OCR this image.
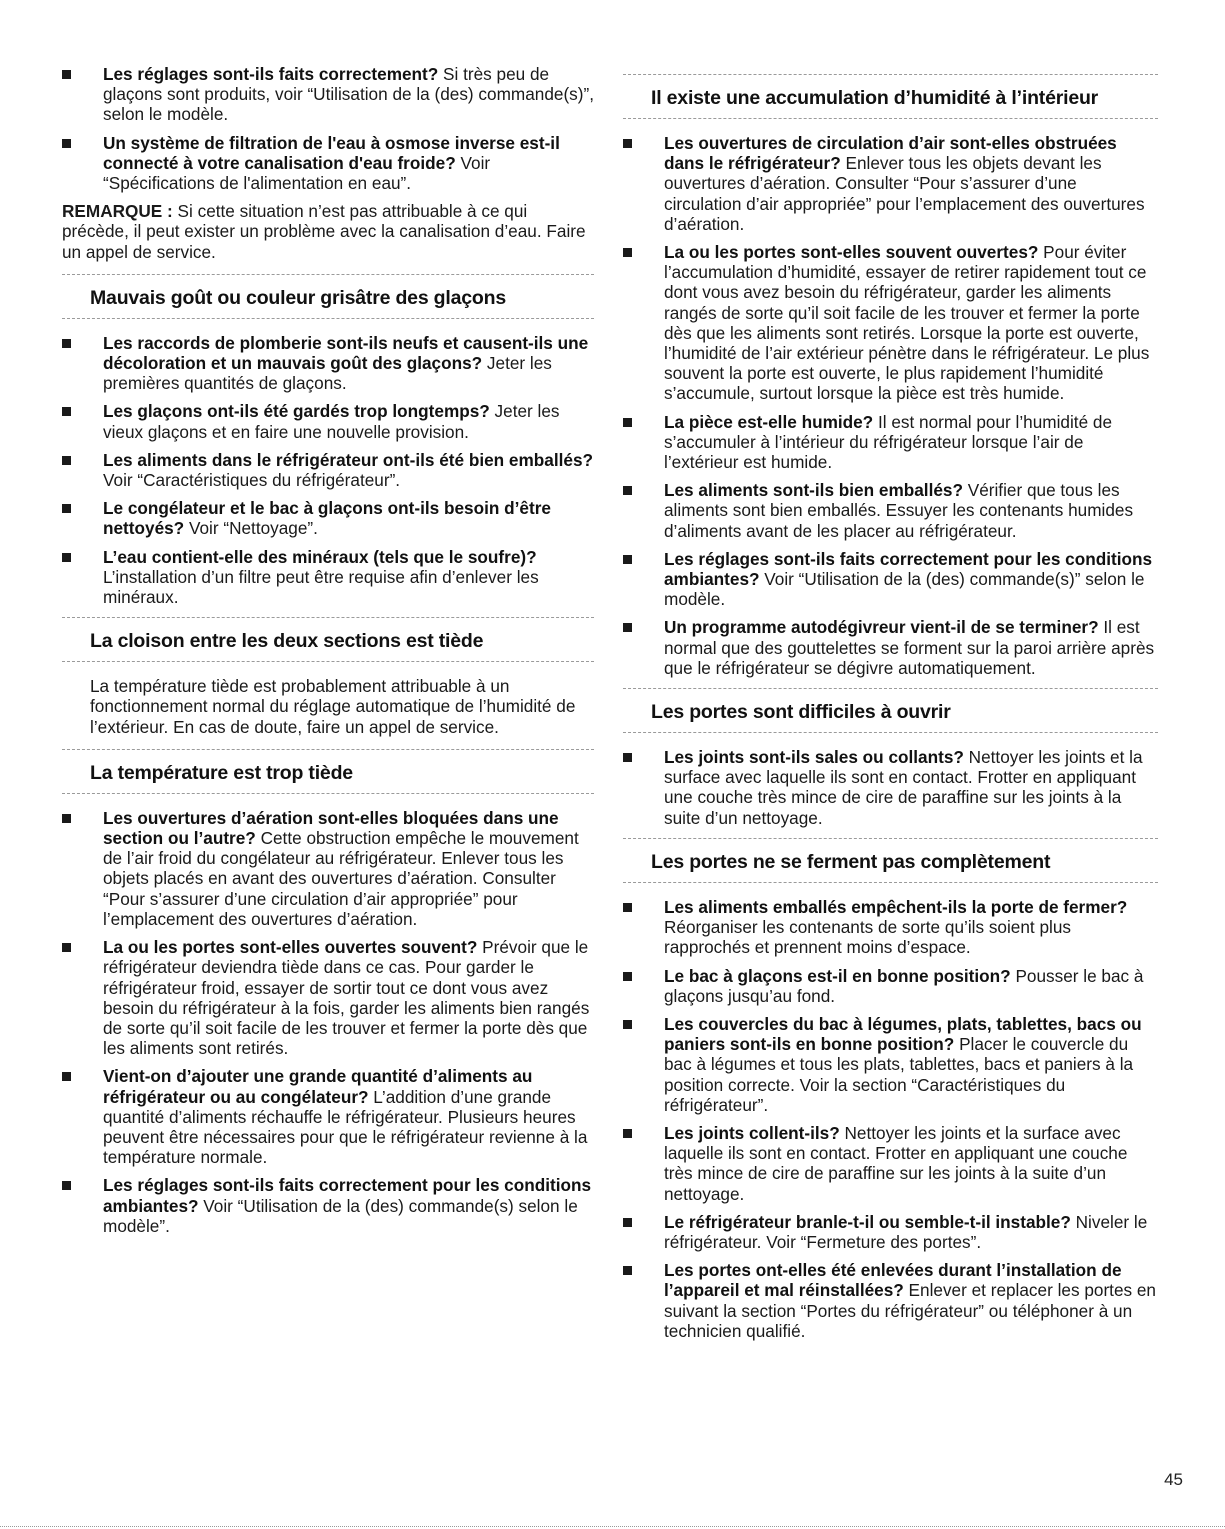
Les réglages sont-ils faits correctement? Si très peu de glaçons sont produits, voir “Utilisation de la (des) commande(s)”, selon le modèle.
Un système de filtration de l'eau à osmose inverse est-il connecté à votre canalisation d'eau froide? Voir “Spécifications de l'alimentation en eau”.
REMARQUE : Si cette situation n’est pas attribuable à ce qui précède, il peut exister un problème avec la canalisation d’eau. Faire un appel de service.
Mauvais goût ou couleur grisâtre des glaçons
Les raccords de plomberie sont-ils neufs et causent-ils une décoloration et un mauvais goût des glaçons? Jeter les premières quantités de glaçons.
Les glaçons ont-ils été gardés trop longtemps? Jeter les vieux glaçons et en faire une nouvelle provision.
Les aliments dans le réfrigérateur ont-ils été bien emballés? Voir “Caractéristiques du réfrigérateur”.
Le congélateur et le bac à glaçons ont-ils besoin d’être nettoyés? Voir “Nettoyage”.
L’eau contient-elle des minéraux (tels que le soufre)? L’installation d’un filtre peut être requise afin d’enlever les minéraux.
La cloison entre les deux sections est tiède
La température tiède est probablement attribuable à un fonctionnement normal du réglage automatique de l’humidité de l’extérieur. En cas de doute, faire un appel de service.
La température est trop tiède
Les ouvertures d’aération sont-elles bloquées dans une section ou l’autre? Cette obstruction empêche le mouvement de l’air froid du congélateur au réfrigérateur. Enlever tous les objets placés en avant des ouvertures d’aération. Consulter “Pour s’assurer d’une circulation d’air appropriée” pour l’emplacement des ouvertures d’aération.
La ou les portes sont-elles ouvertes souvent? Prévoir que le réfrigérateur deviendra tiède dans ce cas. Pour garder le réfrigérateur froid, essayer de sortir tout ce dont vous avez besoin du réfrigérateur à la fois, garder les aliments bien rangés de sorte qu’il soit facile de les trouver et fermer la porte dès que les aliments sont retirés.
Vient-on d’ajouter une grande quantité d’aliments au réfrigérateur ou au congélateur? L’addition d’une grande quantité d’aliments réchauffe le réfrigérateur. Plusieurs heures peuvent être nécessaires pour que le réfrigérateur revienne à la température normale.
Les réglages sont-ils faits correctement pour les conditions ambiantes? Voir “Utilisation de la (des) commande(s) selon le modèle”.
Il existe une accumulation d’humidité à l’intérieur
Les ouvertures de circulation d’air sont-elles obstruées dans le réfrigérateur? Enlever tous les objets devant les ouvertures d’aération. Consulter “Pour s’assurer d’une circulation d’air appropriée” pour l’emplacement des ouvertures d’aération.
La ou les portes sont-elles souvent ouvertes? Pour éviter l’accumulation d’humidité, essayer de retirer rapidement tout ce dont vous avez besoin du réfrigérateur, garder les aliments rangés de sorte qu’il soit facile de les trouver et fermer la porte dès que les aliments sont retirés. Lorsque la porte est ouverte, l’humidité de l’air extérieur pénètre dans le réfrigérateur. Le plus souvent la porte est ouverte, le plus rapidement l’humidité s’accumule, surtout lorsque la pièce est très humide.
La pièce est-elle humide? Il est normal pour l’humidité de s’accumuler à l’intérieur du réfrigérateur lorsque l’air de l’extérieur est humide.
Les aliments sont-ils bien emballés? Vérifier que tous les aliments sont bien emballés. Essuyer les contenants humides d’aliments avant de les placer au réfrigérateur.
Les réglages sont-ils faits correctement pour les conditions ambiantes? Voir “Utilisation de la (des) commande(s)” selon le modèle.
Un programme autodégivreur vient-il de se terminer? Il est normal que des gouttelettes se forment sur la paroi arrière après que le réfrigérateur se dégivre automatiquement.
Les portes sont difficiles à ouvrir
Les joints sont-ils sales ou collants? Nettoyer les joints et la surface avec laquelle ils sont en contact. Frotter en appliquant une couche très mince de cire de paraffine sur les joints à la suite d’un nettoyage.
Les portes ne se ferment pas complètement
Les aliments emballés empêchent-ils la porte de fermer? Réorganiser les contenants de sorte qu’ils soient plus rapprochés et prennent moins d’espace.
Le bac à glaçons est-il en bonne position? Pousser le bac à glaçons jusqu’au fond.
Les couvercles du bac à légumes, plats, tablettes, bacs ou paniers sont-ils en bonne position? Placer le couvercle du bac à légumes et tous les plats, tablettes, bacs et paniers à la position correcte. Voir la section “Caractéristiques du réfrigérateur”.
Les joints collent-ils? Nettoyer les joints et la surface avec laquelle ils sont en contact. Frotter en appliquant une couche très mince de cire de paraffine sur les joints à la suite d’un nettoyage.
Le réfrigérateur branle-t-il ou semble-t-il instable? Niveler le réfrigérateur. Voir “Fermeture des portes”.
Les portes ont-elles été enlevées durant l’installation de l’appareil et mal réinstallées? Enlever et replacer les portes en suivant la section “Portes du réfrigérateur” ou téléphoner à un technicien qualifié.
45
